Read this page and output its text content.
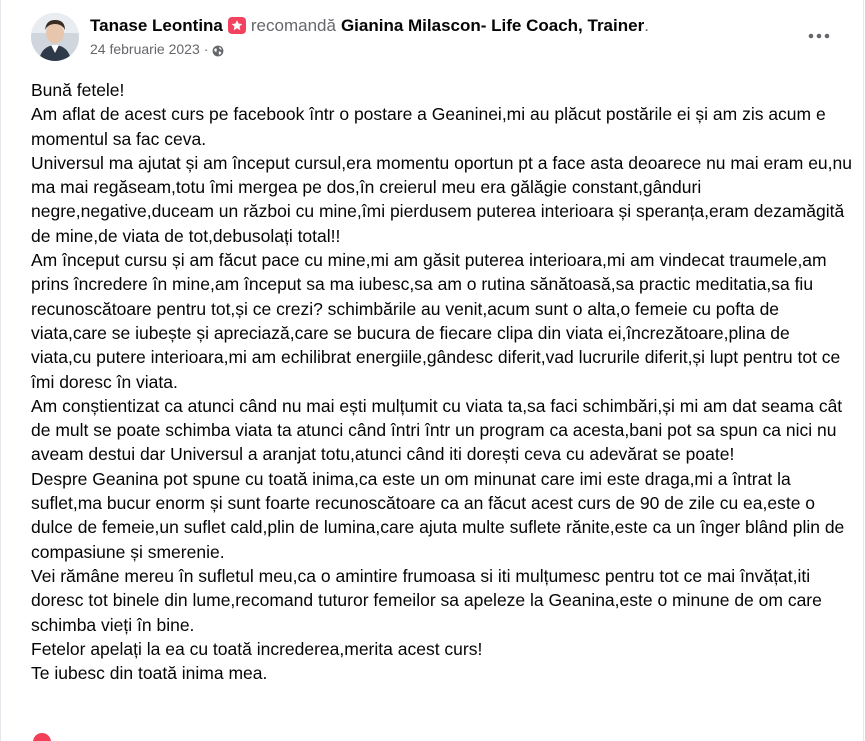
Tanase Leontina recomandă Gianina Milascon- Life Coach, Trainer .
24 februarie 2023 ·

Bună fetele!

Am aflat de acest curs pe facebook într o postare a Geaninei,mi au plăcut postările ei și am zis acum e momentul sa fac ceva.

Universul ma ajutat și am început cursul,era momentu oportun pt a face asta deoarece nu mai eram eu,nu ma mai regăseam,totu îmi mergea pe dos,în creierul meu era gălăgie constant,gânduri negre,negative,duceam un război cu mine,îmi pierdusem puterea interioara și speranța,eram dezamăgită de mine,de viata de tot,debusolați total!!

Am început cursu și am făcut pace cu mine,mi am găsit puterea interioara,mi am vindecat traumele,am prins încredere în mine,am început sa ma iubesc,sa am o rutina sănătoasă,sa practic meditatia,sa fiu recunoscătoare pentru tot,și ce crezi? schimbările au venit,acum sunt o alta,o femeie cu pofta de viata,care se iubește și apreciază,care se bucura de fiecare clipa din viata ei,încrezătoare,plina de viata,cu putere interioara,mi am echilibrat energiile,gândesc diferit,vad lucrurile diferit,și lupt pentru tot ce îmi doresc în viata.

Am conștientizat ca atunci când nu mai ești mulțumit cu viata ta,sa faci schimbări,și mi am dat seama cât de mult se poate schimba viata ta atunci când întri într un program ca acesta,bani pot sa spun ca nici nu aveam destui dar Universul a aranjat totu,atunci când iti dorești ceva cu adevărat se poate!

Despre Geanina pot spune cu toată inima,ca este un om minunat care imi este draga,mi a întrat la suflet,ma bucur enorm și sunt foarte recunoscătoare ca an făcut acest curs de 90 de zile cu ea,este o dulce de femeie,un suflet cald,plin de lumina,care ajuta multe suflete rănite,este ca un înger blând plin de compasiune și smerenie.

Vei rămâne mereu în sufletul meu,ca o amintire frumoasa si iti mulțumesc pentru tot ce mai învățat,iti doresc tot binele din lume,recomand tuturor femeilor sa apeleze la Geanina,este o minune de om care schimba vieți în bine.

Fetelor apelați la ea cu toată increderea,merita acest curs!

Te iubesc din toată inima mea.
